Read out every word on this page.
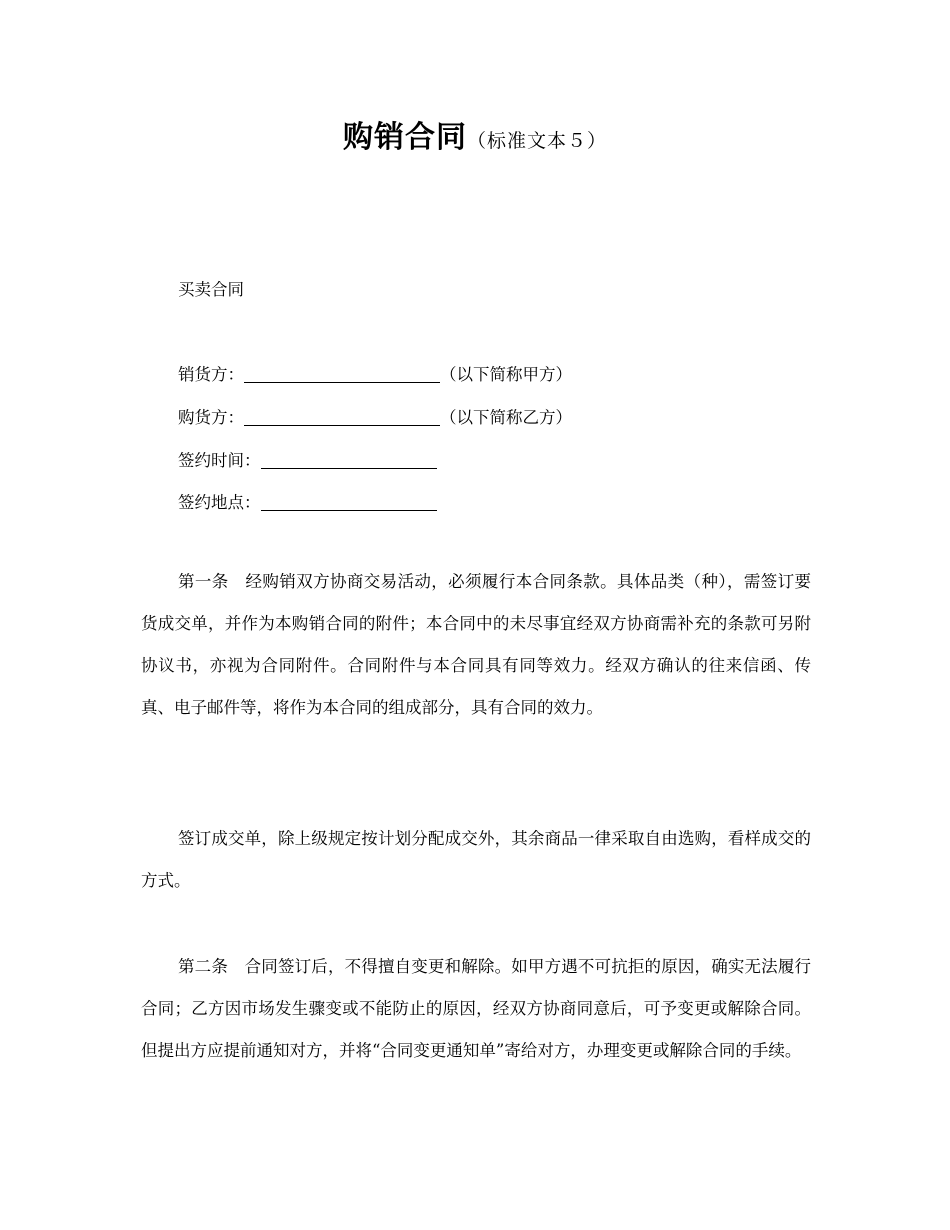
购销合同（标准文本５）
买卖合同
销货方：	（以下简称甲方）
购货方：	（以下简称乙方）
签约时间：
签约地点：
第一条　经购销双方协商交易活动，必须履行本合同条款。具体品类（种），需签订要货成交单，并作为本购销合同的附件；本合同中的未尽事宜经双方协商需补充的条款可另附协议书，亦视为合同附件。合同附件与本合同具有同等效力。经双方确认的往来信函、传真、电子邮件等，将作为本合同的组成部分，具有合同的效力。
签订成交单，除上级规定按计划分配成交外，其余商品一律采取自由选购，看样成交的方式。
第二条　合同签订后，不得擅自变更和解除。如甲方遇不可抗拒的原因，确实无法履行合同；乙方因市场发生骤变或不能防止的原因，经双方协商同意后，可予变更或解除合同。但提出方应提前通知对方，并将“合同变更通知单”寄给对方，办理变更或解除合同的手续。
